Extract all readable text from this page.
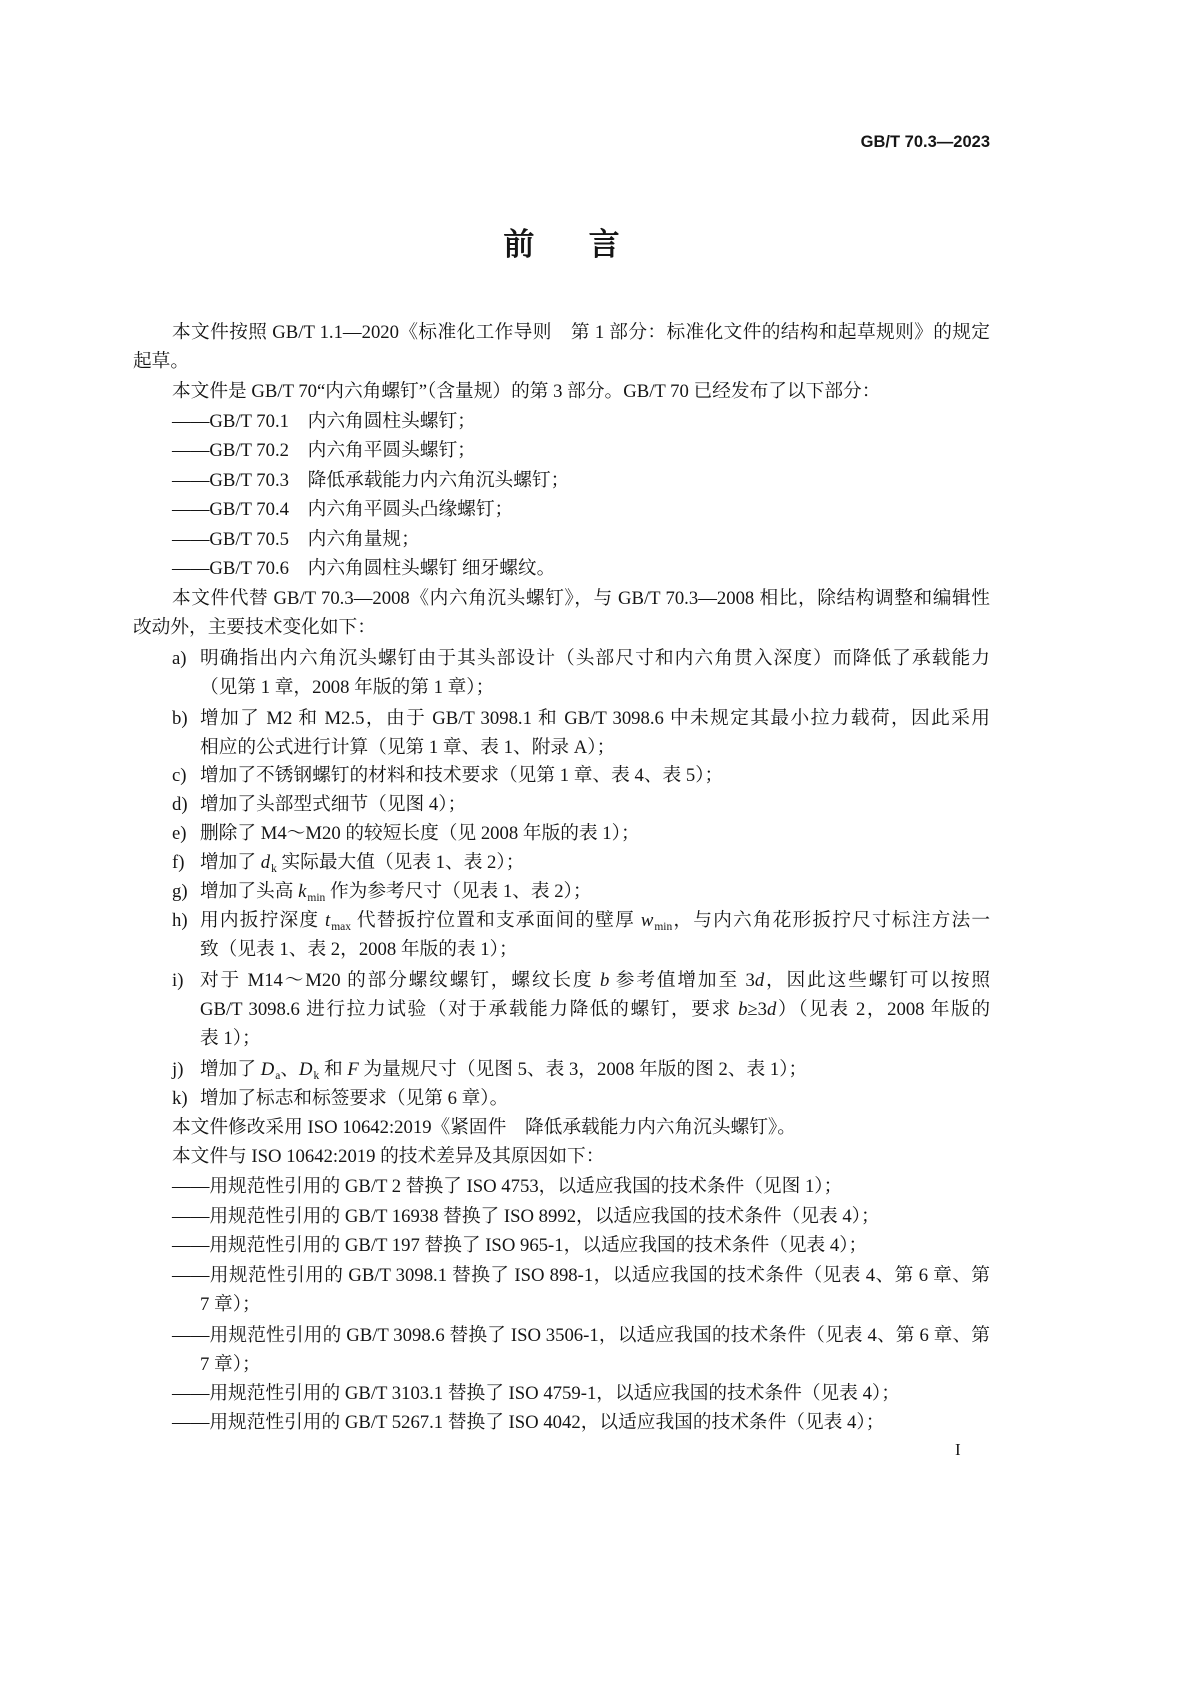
GB/T 70.3—2023
前言
本文件按照 GB/T 1.1—2020《标准化工作导则　第 1 部分：标准化文件的结构和起草规则》的规定
起草。
本文件是 GB/T 70“内六角螺钉”（含量规）的第 3 部分。GB/T 70 已经发布了以下部分：
——GB/T 70.1　内六角圆柱头螺钉；
——GB/T 70.2　内六角平圆头螺钉；
——GB/T 70.3　降低承载能力内六角沉头螺钉；
——GB/T 70.4　内六角平圆头凸缘螺钉；
——GB/T 70.5　内六角量规；
——GB/T 70.6　内六角圆柱头螺钉 细牙螺纹。
本文件代替 GB/T 70.3—2008《内六角沉头螺钉》，与 GB/T 70.3—2008 相比，除结构调整和编辑性
改动外，主要技术变化如下：
a) 明确指出内六角沉头螺钉由于其头部设计（头部尺寸和内六角贯入深度）而降低了承载能力
（见第 1 章，2008 年版的第 1 章）；
b) 增加了 M2 和 M2.5，由于 GB/T 3098.1 和 GB/T 3098.6 中未规定其最小拉力载荷，因此采用
相应的公式进行计算（见第 1 章、表 1、附录 A）；
c) 增加了不锈钢螺钉的材料和技术要求（见第 1 章、表 4、表 5）；
d) 增加了头部型式细节（见图 4）；
e) 删除了 M4～M20 的较短长度（见 2008 年版的表 1）；
f) 增加了 $d_k$ 实际最大值（见表 1、表 2）；
g) 增加了头高 $k_{min}$ 作为参考尺寸（见表 1、表 2）；
h) 用内扳拧深度 $t_{max}$ 代替扳拧位置和支承面间的壁厚 $w_{min}$，与内六角花形扳拧尺寸标注方法一
致（见表 1、表 2，2008 年版的表 1）；
i) 对于 M14～M20 的部分螺纹螺钉，螺纹长度 b 参考值增加至 3d，因此这些螺钉可以按照
GB/T 3098.6 进行拉力试验（对于承载能力降低的螺钉，要求 b≥3d）（见表 2，2008 年版的
表 1）；
j) 增加了 $D_a$、$D_k$ 和 F 为量规尺寸（见图 5、表 3，2008 年版的图 2、表 1）；
k) 增加了标志和标签要求（见第 6 章）。
本文件修改采用 ISO 10642:2019《紧固件　降低承载能力内六角沉头螺钉》。
本文件与 ISO 10642:2019 的技术差异及其原因如下：
——用规范性引用的 GB/T 2 替换了 ISO 4753，以适应我国的技术条件（见图 1）；
——用规范性引用的 GB/T 16938 替换了 ISO 8992，以适应我国的技术条件（见表 4）；
——用规范性引用的 GB/T 197 替换了 ISO 965-1，以适应我国的技术条件（见表 4）；
——用规范性引用的 GB/T 3098.1 替换了 ISO 898-1，以适应我国的技术条件（见表 4、第 6 章、第
7 章）；
——用规范性引用的 GB/T 3098.6 替换了 ISO 3506-1，以适应我国的技术条件（见表 4、第 6 章、第
7 章）；
——用规范性引用的 GB/T 3103.1 替换了 ISO 4759-1，以适应我国的技术条件（见表 4）；
——用规范性引用的 GB/T 5267.1 替换了 ISO 4042，以适应我国的技术条件（见表 4）；
I
